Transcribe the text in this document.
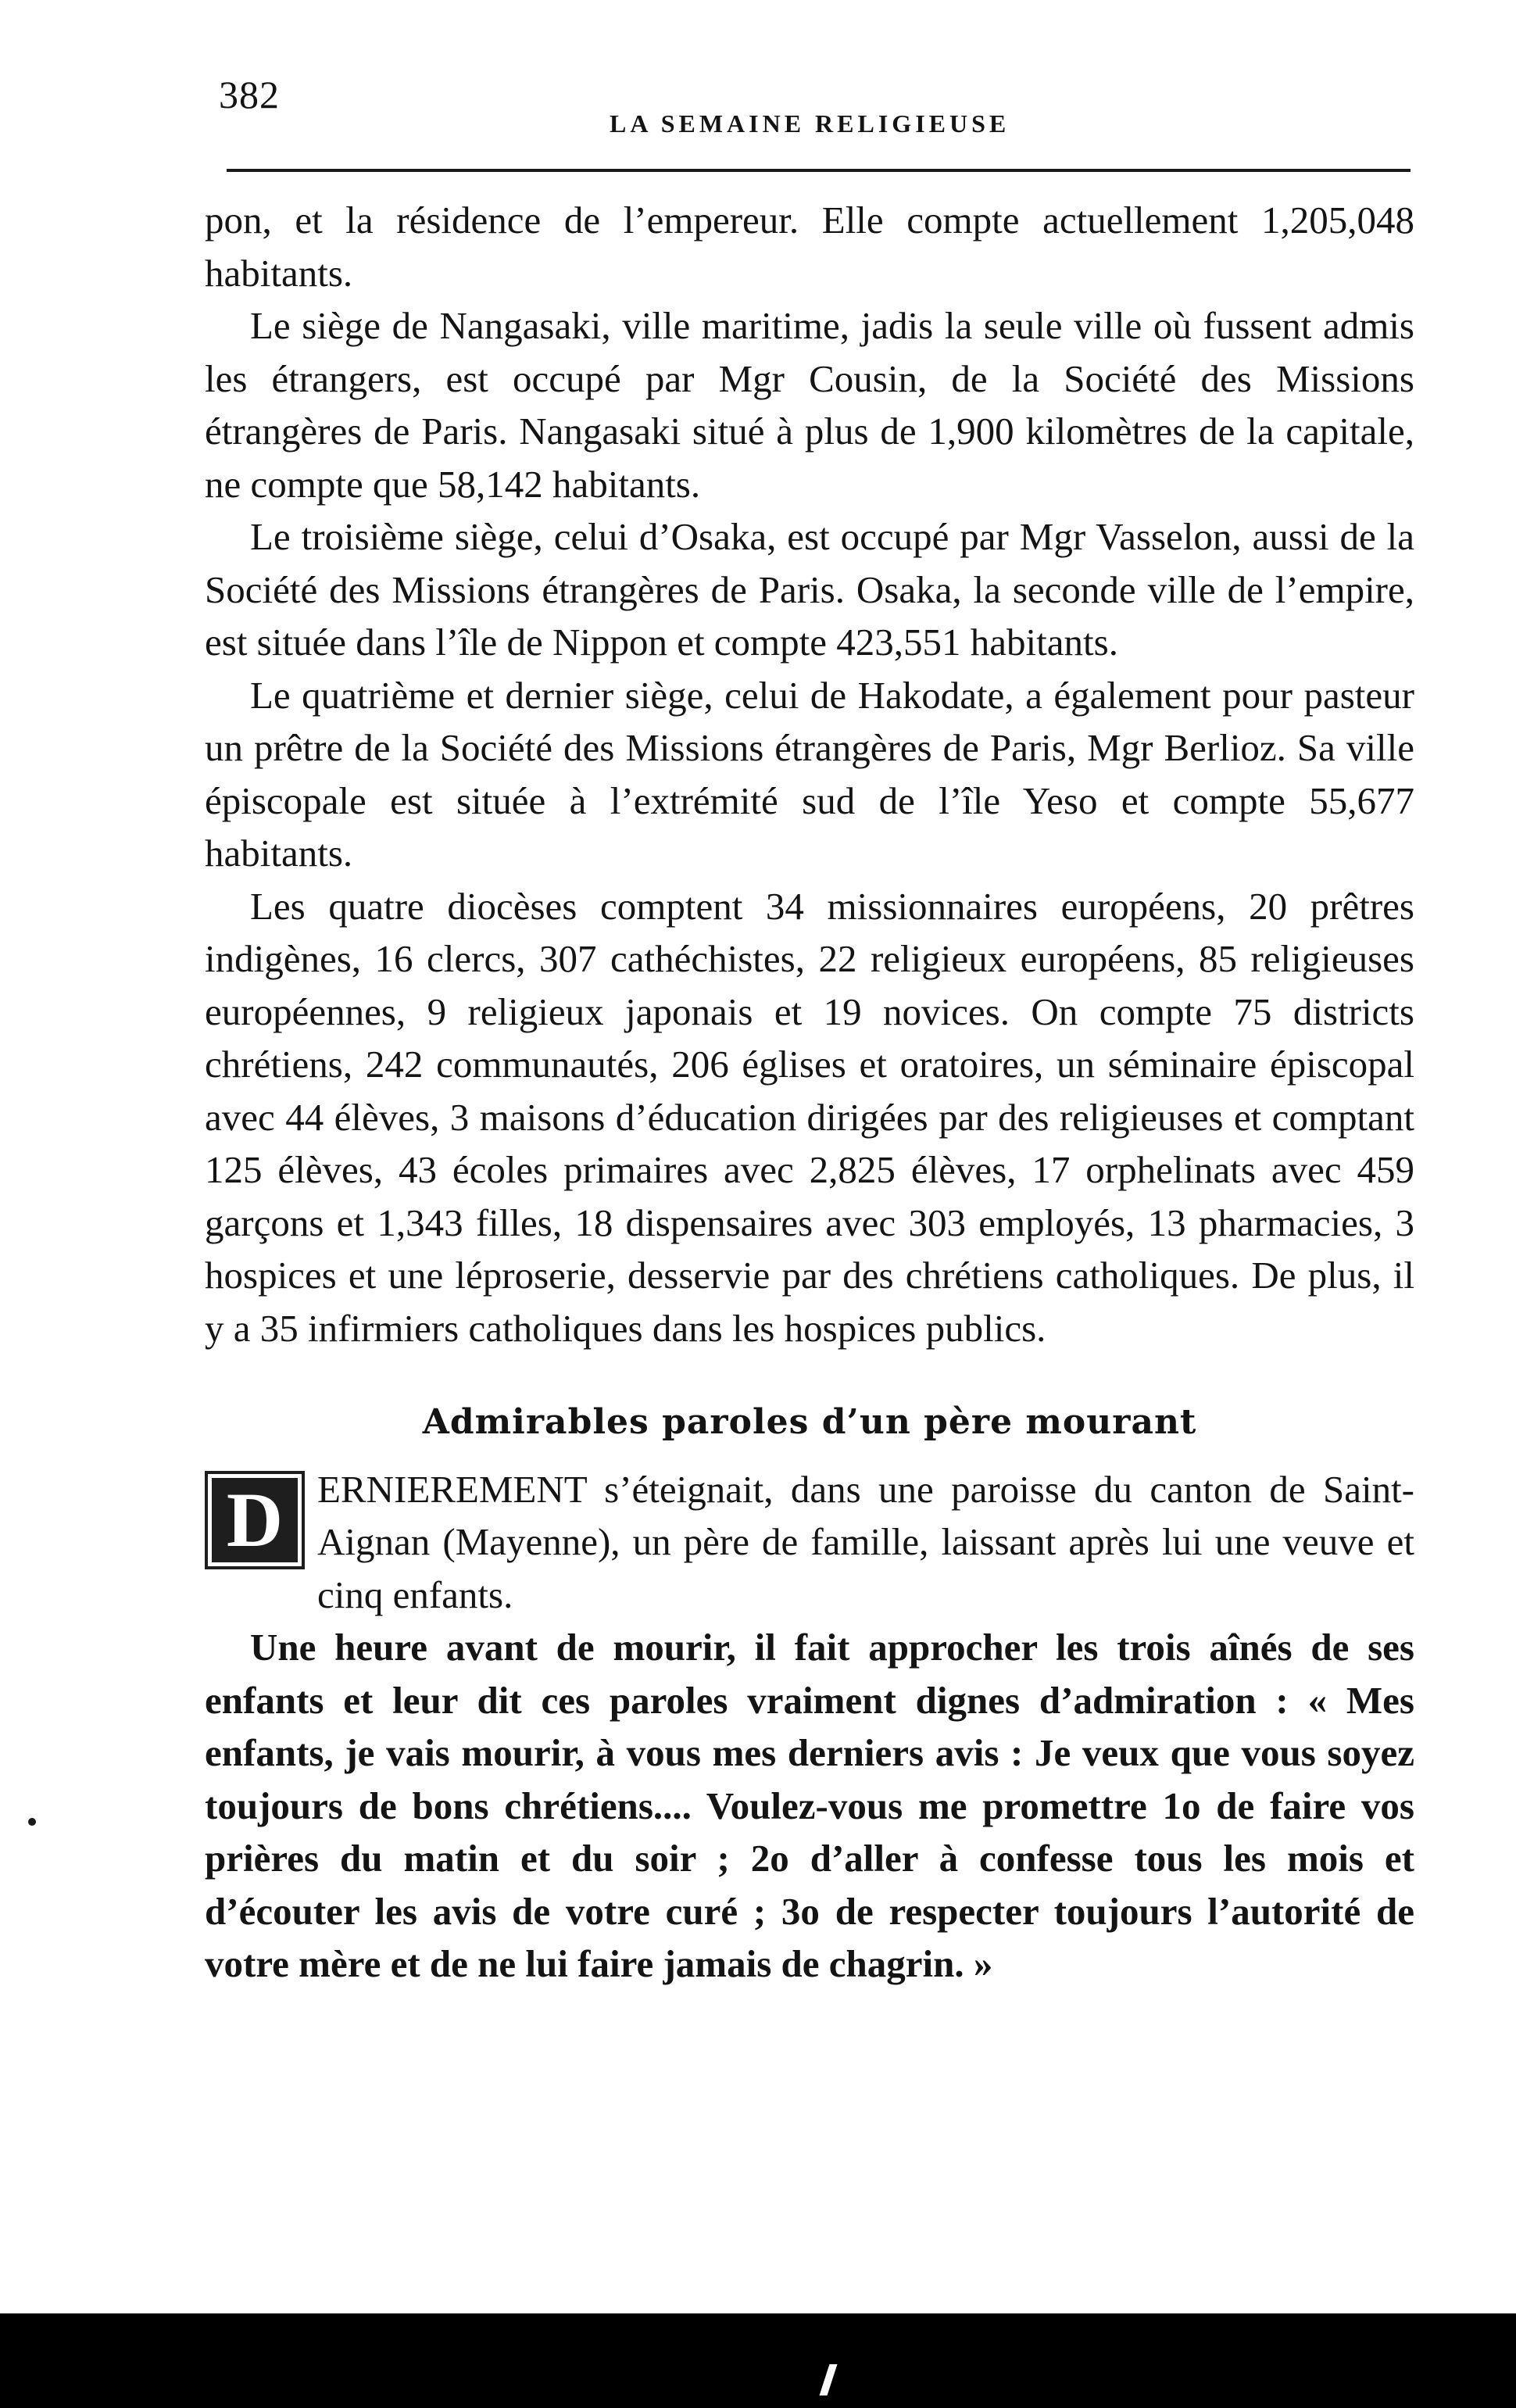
382
LA SEMAINE RELIGIEUSE

pon, et la résidence de l’empereur. Elle compte actuellement 1,205,048 habitants.

Le siège de Nangasaki, ville maritime, jadis la seule ville où fussent admis les étrangers, est occupé par Mgr Cousin, de la Société des Missions étrangères de Paris. Nangasaki situé à plus de 1,900 kilomètres de la capitale, ne compte que 58,142 habitants.

Le troisième siège, celui d’Osaka, est occupé par Mgr Vasselon, aussi de la Société des Missions étrangères de Paris. Osaka, la seconde ville de l’empire, est située dans l’île de Nippon et compte 423,551 habitants.

Le quatrième et dernier siège, celui de Hakodate, a également pour pasteur un prêtre de la Société des Missions étrangères de Paris, Mgr Berlioz. Sa ville épiscopale est située à l’extrémité sud de l’île Yeso et compte 55,677 habitants.

Les quatre diocèses comptent 34 missionnaires européens, 20 prêtres indigènes, 16 clercs, 307 cathéchistes, 22 religieux européens, 85 religieuses européennes, 9 religieux japonais et 19 novices. On compte 75 districts chrétiens, 242 communautés, 206 églises et oratoires, un séminaire épiscopal avec 44 élèves, 3 maisons d’éducation dirigées par des religieuses et comptant 125 élèves, 43 écoles primaires avec 2,825 élèves, 17 orphelinats avec 459 garçons et 1,343 filles, 18 dispensaires avec 303 employés, 13 pharmacies, 3 hospices et une léproserie, desservie par des chrétiens catholiques. De plus, il y a 35 infirmiers catholiques dans les hospices publics.

Admirables paroles d’un père mourant

D ERNIEREMENT s’éteignait, dans une paroisse du canton de Saint-Aignan (Mayenne), un père de famille, laissant après lui une veuve et cinq enfants.

Une heure avant de mourir, il fait approcher les trois aînés de ses enfants et leur dit ces paroles vraiment dignes d’admiration : « Mes enfants, je vais mourir, à vous mes derniers avis : Je veux que vous soyez toujours de bons chrétiens.... Voulez-vous me promettre 1o de faire vos prières du matin et du soir ; 2o d’aller à confesse tous les mois et d’écouter les avis de votre curé ; 3o de respecter toujours l’autorité de votre mère et de ne lui faire jamais de chagrin. »
